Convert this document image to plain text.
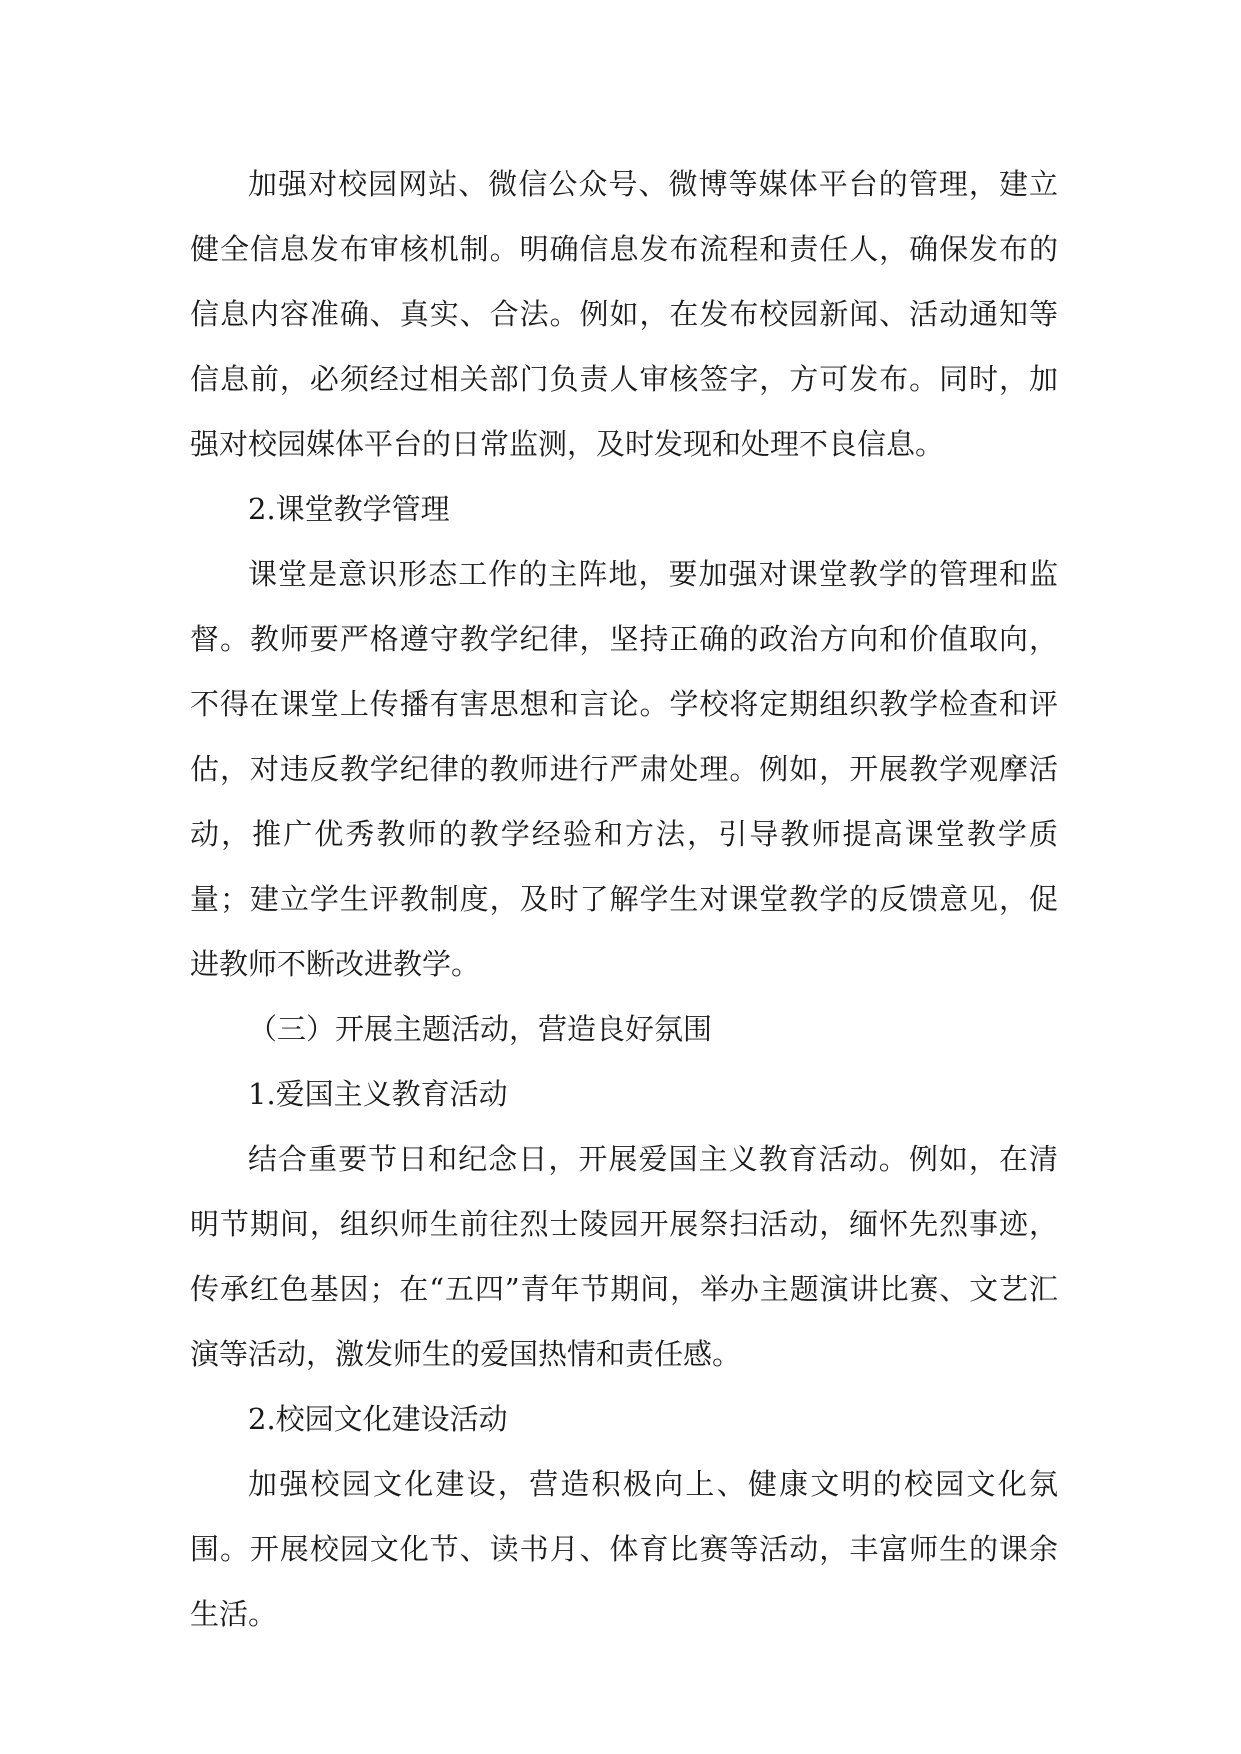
加强对校园网站、微信公众号、微博等媒体平台的管理，建立健全信息发布审核机制。明确信息发布流程和责任人，确保发布的信息内容准确、真实、合法。例如，在发布校园新闻、活动通知等信息前，必须经过相关部门负责人审核签字，方可发布。同时，加强对校园媒体平台的日常监测，及时发现和处理不良信息。

2.课堂教学管理

课堂是意识形态工作的主阵地，要加强对课堂教学的管理和监督。教师要严格遵守教学纪律，坚持正确的政治方向和价值取向，不得在课堂上传播有害思想和言论。学校将定期组织教学检查和评估，对违反教学纪律的教师进行严肃处理。例如，开展教学观摩活动，推广优秀教师的教学经验和方法，引导教师提高课堂教学质量；建立学生评教制度，及时了解学生对课堂教学的反馈意见，促进教师不断改进教学。

（三）开展主题活动，营造良好氛围

1.爱国主义教育活动

结合重要节日和纪念日，开展爱国主义教育活动。例如，在清明节期间，组织师生前往烈士陵园开展祭扫活动，缅怀先烈事迹，传承红色基因；在“五四”青年节期间，举办主题演讲比赛、文艺汇演等活动，激发师生的爱国热情和责任感。

2.校园文化建设活动

加强校园文化建设，营造积极向上、健康文明的校园文化氛围。开展校园文化节、读书月、体育比赛等活动，丰富师生的课余生活。
